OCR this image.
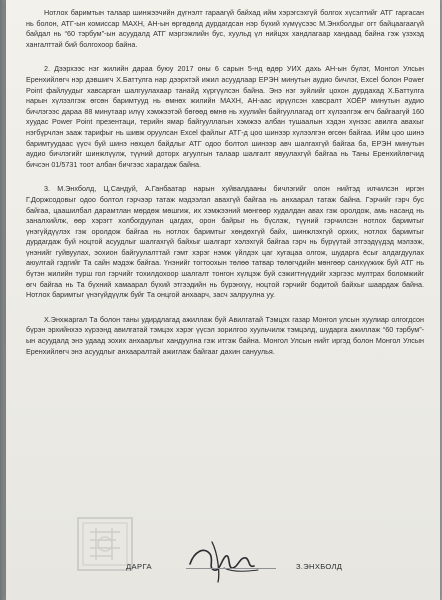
Нотлох баримтын талаар шинжээчийн дүгнэлт гараагүй байхад ийм хэрэгсэхгүй болгох хүсэлтийг АТГ гаргасан нь болон, АТГ-ын комиссар МАХН, АН-ын өргөдөлд дурдагдсан нэр бүхий хүмүүсээс М.Энхболдыг огт байцаагаагүй байдал нь “60 тэрбум”-ын асуудалд АТГ мэргэжлийн бус, хуульд үл нийцэх хандлагаар хандаад байна гэж үзэхэд хангалттай бий болгохоор байна.

2. Дээрхээс нэг жилийн дараа буюу 2017 оны 6 сарын 5-нд өдөр УИХ дахь АН-ын бүлэг, Монгол Улсын Еренхийлөгч нэр дэвшигч Х.Баттулга нар дээрхтэй ижил асуудлаар ЕРЭН минутын аудио бичлэг, Excel болон Power Point файлуудыг хавсарган шалгуулахаар танайд хүргүүлсэн байна. Энэ нэг зуйлийг цохон дурдахад Х.Баттулга нарын хүлээлгэж өгсөн баримтууд нь өмнөх жилийн МАХН, АН-аас ирүүлсэн хавсралт ХОЁР минутын аудио бичлэгээс дараа 88 минутаар илүү хэмжээтэй бөгөөд өмнө нь хуулийн байгууллагад огт хүлээлгэж өгч байгаагүй 160 хуудас Power Point презентаци, терийн ямар байгууллагын хэмжээ албан тушаалын хэдэн хүнээс авилга авахыг нэгбүрчлэн зааж тарифыг нь шивж оруулсан Excel файлыг АТГ-д цоо шинээр хүлээлгэн өгсөн байгаа. Ийм цоо шинэ баримтуудаас үүсч буй шинэ нөхцөл байдлыг АТГ одоо болтол шинээр авч шалгахгүй байгаа ба, ЕРЭН минутын аудио бичлэгийг шинжлүүлж, түүний доторх агуулгын талаар шалгалт явуулахгүй байгаа нь Таны Еренхийлөгчид бичсэн 01/5731 тоот албан бичгээс харагдаж байна.

3. М.Энхболд, Ц.Сандуй, А.Ганбаатар нарын хуйвалдааны бичлэгийг олон нийтэд илчилсэн иргэн Г.Доржсодовыг одоо болтол гэрчээр татаж мэдээлэл авахгүй байгаа нь анхаарал татаж байна. Гэрчийг гэрч бус байгаа, цаашилбал дарамтлан мөрдөж мөшгиж, их хэмжээний мөнгөөр худалдан авах гэж оролдож, амь насанд нь заналхийлж, өөр хэрэгт холбогдуулан цагдах, орон байрыг нь бүслэж, түүний гэрчилсэн нотлох баримтыг үнэгүйдүүлэх гэж оролдож байгаа нь нотлох баримтыг хөндөхгүй байх, шинжлэхгүй орхих, нотлох баримтыг дурдагдаж буй ноцтой асуудлыг шалгахгүй байхыг шалгарт хэлэхгүй байгаа гэрч нь бүрүүтай этгээдүүдэд мэлээж, үнэнийг гуйвуулах, эохион байгуулалттай гэмт хэрэг нэмж үйлдэх цаг хугацаа олгож, шударга ёсыг алдагдуулах аюултай гэдгийг Та сайн мэдэж байгаа. Үнэнийг тогтоохын төлөө татвар төлөгчдийн мөнгөөр санхүүжиж буй АТГ нь бүтэн жилийн турш гол гэрчийг тохилдохоор шалгалт тонгон хүлцэж буй сэжигтнүүдийг хэргээс мултрах боломжийг өгч байгаа нь Та бүхний хамаарал бүхий этгээдийн нь бүрэнхүү, ноцтой гэрчийг бодитой байхыг шаардаж байна. Нотлох баримтыг үнэгүйдүүлж буйг Та онцгой анхаарч, засч залруулна уу.

Х.Энхжаргал Та болон таны удирдлагад ажиллаж буй Авилгатай Тэмцэх газар Монгол улсын хуулиар олгогдсон бүрэн эрхийнхээ хүрээнд авилгатай тэмцэх хэрэг үүсэл зорилгоо хуульчилж тэмцэлд, шударга ажиллаж “60 тэрбум”-ын асуудалд энэ удаад зохих анхаарлыг хандуулна гэж итгэж байна. Монгол Улсын нийт иргэд болон Монгол Улсын Еренхийлөгч энэ асуудлыг анхааралтай ажиглаж байгааг дахин сануулья.

ДАРГА	З.ЭНХБОЛД
